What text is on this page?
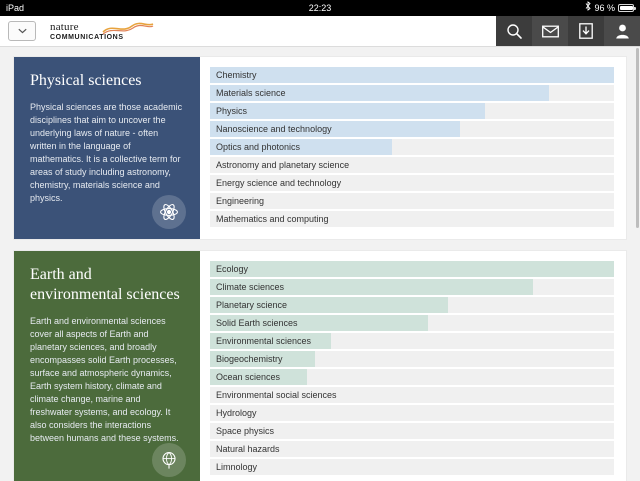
iPad	22:23	96 %
nature
COMMUNICATIONS
Physical sciences

Physical sciences are those academic disciplines that aim to uncover the underlying laws of nature - often written in the language of mathematics. It is a collective term for areas of study including astronomy, chemistry, materials science and physics.

Chemistry
Materials science
Physics
Nanoscience and technology
Optics and photonics
Astronomy and planetary science
Energy science and technology
Engineering
Mathematics and computing
Earth and environmental sciences

Earth and environmental sciences cover all aspects of Earth and planetary sciences, and broadly encompasses solid Earth processes, surface and atmospheric dynamics, Earth system history, climate and climate change, marine and freshwater systems, and ecology. It also considers the interactions between humans and these systems.

Ecology
Climate sciences
Planetary science
Solid Earth sciences
Environmental sciences
Biogeochemistry
Ocean sciences
Environmental social sciences
Hydrology
Space physics
Natural hazards
Limnology
